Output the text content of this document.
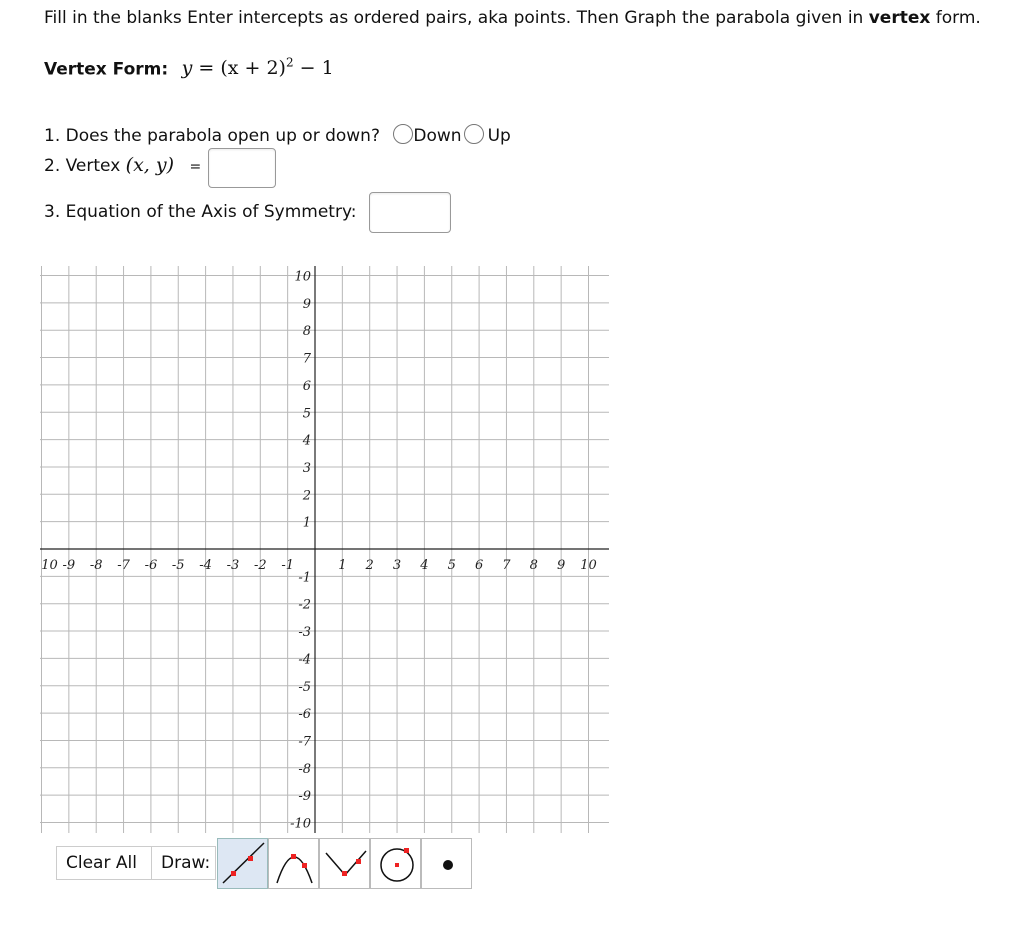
Fill in the blanks Enter intercepts as ordered pairs, aka points. Then Graph the parabola given in vertex form.
Vertex Form: $y = (x + 2)^2 - 1$
1. Does the parabola open up or down? Down Up
2. Vertex (x, y) =
3. Equation of the Axis of Symmetry:
10 -9 -8 -7 -6 -5 -4 -3 -2 -1	1 2 3 4 5 6 7 8 9 10
10
9
8
7
6
5
4
3
2
1
-1
-2
-3
-4
-5
-6
-7
-8
-9
-10
Clear All	Draw:
